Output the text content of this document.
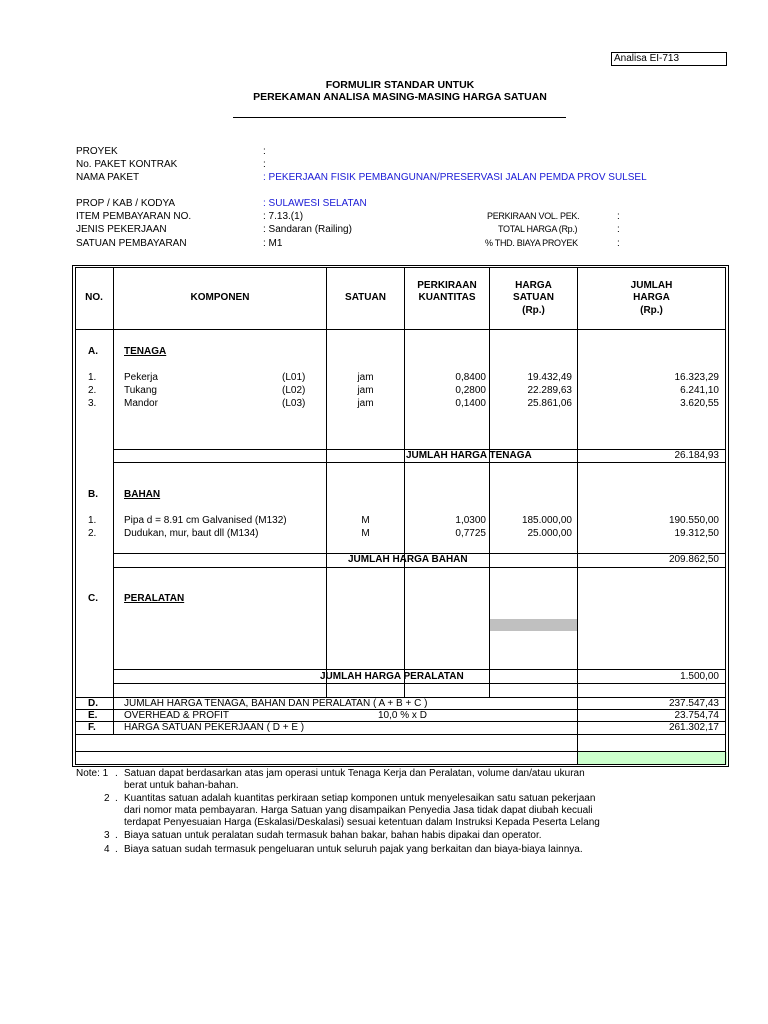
Analisa EI-713
FORMULIR STANDAR UNTUK
PEREKAMAN ANALISA MASING-MASING HARGA SATUAN
PROYEK	:
No. PAKET KONTRAK	:
NAMA PAKET	: PEKERJAAN FISIK PEMBANGUNAN/PRESERVASI JALAN PEMDA PROV SULSEL
PROP / KAB / KODYA	: SULAWESI SELATAN
ITEM PEMBAYARAN NO.	: 7.13.(1)
JENIS PEKERJAAN	: Sandaran (Railing)
SATUAN PEMBAYARAN	: M1
PERKIRAAN VOL. PEK.	:
TOTAL HARGA (Rp.)	:
% THD. BIAYA PROYEK	:
NO.	KOMPONEN	SATUAN
PERKIRAAN
KUANTITAS
HARGA
SATUAN
(Rp.)
JUMLAH
HARGA
(Rp.)
A.	TENAGA
1.	Pekerja	(L01)	jam	0,8400	19.432,49	16.323,29
2.	Tukang	(L02)	jam	0,2800	22.289,63	6.241,10
3.	Mandor	(L03)	jam	0,1400	25.861,06	3.620,55
JUMLAH HARGA TENAGA	26.184,93
B.	BAHAN
1.	Pipa d = 8.91 cm Galvanised (M132)	M	1,0300	185.000,00	190.550,00
2.	Dudukan, mur, baut dll (M134)	M	0,7725	25.000,00	19.312,50
JUMLAH HARGA BAHAN	209.862,50
C.	PERALATAN
JUMLAH HARGA PERALATAN	1.500,00
D.	JUMLAH HARGA TENAGA, BAHAN DAN PERALATAN ( A + B + C )	237.547,43
E.	OVERHEAD & PROFIT	10,0 % x D	23.754,74
F.	HARGA SATUAN PEKERJAAN ( D + E )	261.302,17
Note: 1 . Satuan dapat berdasarkan atas jam operasi untuk Tenaga Kerja dan Peralatan, volume dan/atau ukuran
berat untuk bahan-bahan.
2 . Kuantitas satuan adalah kuantitas perkiraan setiap komponen untuk menyelesaikan satu satuan pekerjaan
dari nomor mata pembayaran. Harga Satuan yang disampaikan Penyedia Jasa tidak dapat diubah kecuali
terdapat Penyesuaian Harga (Eskalasi/Deskalasi) sesuai ketentuan dalam Instruksi Kepada Peserta Lelang
3 . Biaya satuan untuk peralatan sudah termasuk bahan bakar, bahan habis dipakai dan operator.
4 . Biaya satuan sudah termasuk pengeluaran untuk seluruh pajak yang berkaitan dan biaya-biaya lainnya.
